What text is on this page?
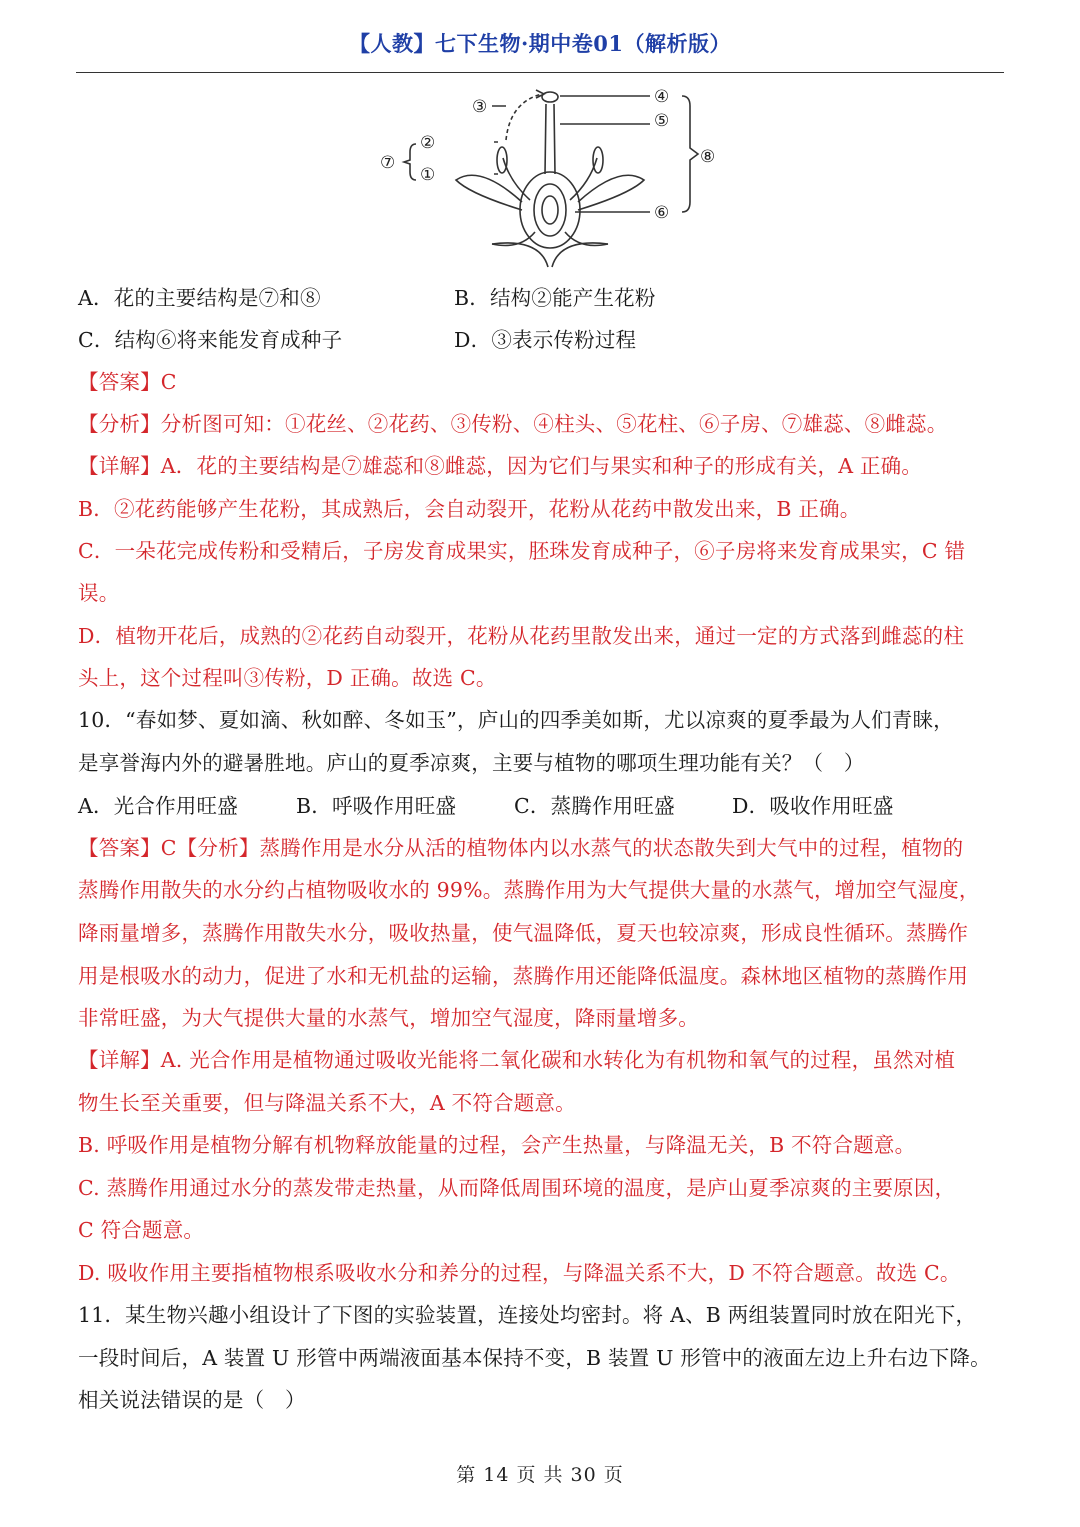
【人教】七下生物·期中卷01（解析版）
③
②
①
⑦
④
⑤
⑥
⑧
A．花的主要结构是⑦和⑧	B．结构②能产生花粉
C．结构⑥将来能发育成种子	D．③表示传粉过程
【答案】C
【分析】分析图可知：①花丝、②花药、③传粉、④柱头、⑤花柱、⑥子房、⑦雄蕊、⑧雌蕊。
【详解】A．花的主要结构是⑦雄蕊和⑧雌蕊，因为它们与果实和种子的形成有关，A 正确。
B．②花药能够产生花粉，其成熟后，会自动裂开，花粉从花药中散发出来，B 正确。
C．一朵花完成传粉和受精后，子房发育成果实，胚珠发育成种子，⑥子房将来发育成果实，C 错
误。
D．植物开花后，成熟的②花药自动裂开，花粉从花药里散发出来，通过一定的方式落到雌蕊的柱
头上，这个过程叫③传粉，D 正确。故选 C。
10．“春如梦、夏如滴、秋如醉、冬如玉”，庐山的四季美如斯，尤以凉爽的夏季最为人们青睐，
是享誉海内外的避暑胜地。庐山的夏季凉爽，主要与植物的哪项生理功能有关？（　）
A．光合作用旺盛	B．呼吸作用旺盛	C．蒸腾作用旺盛	D．吸收作用旺盛
【答案】C【分析】蒸腾作用是水分从活的植物体内以水蒸气的状态散失到大气中的过程，植物的
蒸腾作用散失的水分约占植物吸收水的 99%。蒸腾作用为大气提供大量的水蒸气，增加空气湿度，
降雨量增多，蒸腾作用散失水分，吸收热量，使气温降低，夏天也较凉爽，形成良性循环。蒸腾作
用是根吸水的动力，促进了水和无机盐的运输，蒸腾作用还能降低温度。森林地区植物的蒸腾作用
非常旺盛，为大气提供大量的水蒸气，增加空气湿度，降雨量增多。
【详解】A. 光合作用是植物通过吸收光能将二氧化碳和水转化为有机物和氧气的过程，虽然对植
物生长至关重要，但与降温关系不大，A 不符合题意。
B. 呼吸作用是植物分解有机物释放能量的过程，会产生热量，与降温无关，B 不符合题意。
C. 蒸腾作用通过水分的蒸发带走热量，从而降低周围环境的温度，是庐山夏季凉爽的主要原因，
C 符合题意。
D. 吸收作用主要指植物根系吸收水分和养分的过程，与降温关系不大，D 不符合题意。故选 C。
11．某生物兴趣小组设计了下图的实验装置，连接处均密封。将 A、B 两组装置同时放在阳光下，
一段时间后，A 装置 U 形管中两端液面基本保持不变，B 装置 U 形管中的液面左边上升右边下降。
相关说法错误的是（　）
第 14 页 共 30 页
